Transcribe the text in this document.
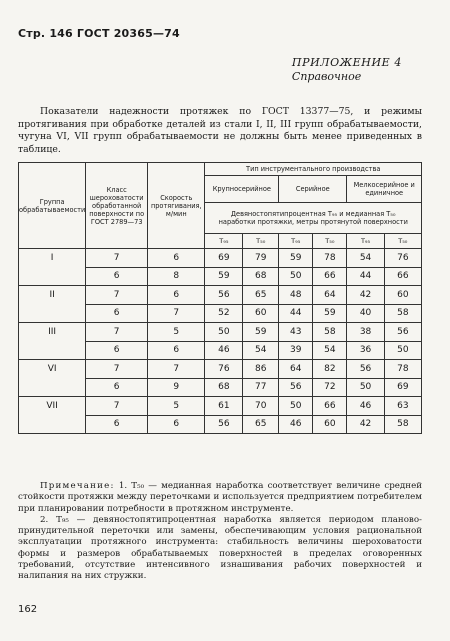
Стр. 146 ГОСТ 20365—74
ПРИЛОЖЕНИЕ 4
Справочное
Показатели надежности протяжек по ГОСТ 13377—75, и режимы протягивания при обработке деталей из стали I, II, III групп обрабатываемости, чугуна VI, VII групп обрабатываемости не должны быть менее приведенных в таблице.
Группа обрабатываемости	Класс шероховатости обработанной поверхности по ГОСТ 2789—73	Скорость протягивания, м/мин	Тип инструментального производства					
			Крупносерийное		Серийное		Мелкосерийное и единичное	
			Девяностопятипроцентная T₉₅ и медианная T₅₀ наработки протяжки, метры протянутой поверхности					
			T₉₅	T₅₀	T₉₅	T₅₀	T₉₅	T₅₀
I	7	6	69	79	59	78	54	76
	6	8	59	68	50	66	44	66
II	7	6	56	65	48	64	42	60
	6	7	52	60	44	59	40	58
III	7	5	50	59	43	58	38	56
	6	6	46	54	39	54	36	50
VI	7	7	76	86	64	82	56	78
	6	9	68	77	56	72	50	69
VII	7	5	61	70	50	66	46	63
	6	6	56	65	46	60	42	58

Примечание: 1. T₅₀ — медианная наработка соответствует величине средней стойкости протяжки между переточками и используется предприятием потребителем при планировании потребности в протяжном инструменте.

2. T₉₅ — девяностопятипроцентная наработка является периодом планово-принудительной переточки или замены, обеспечивающим условия рациональной эксплуатации протяжного инструмента: стабильность величины шероховатости формы и размеров обрабатываемых поверхностей в пределах оговоренных требований, отсутствие интенсивного изнашивания рабочих поверхностей и налипания на них стружки.

162
